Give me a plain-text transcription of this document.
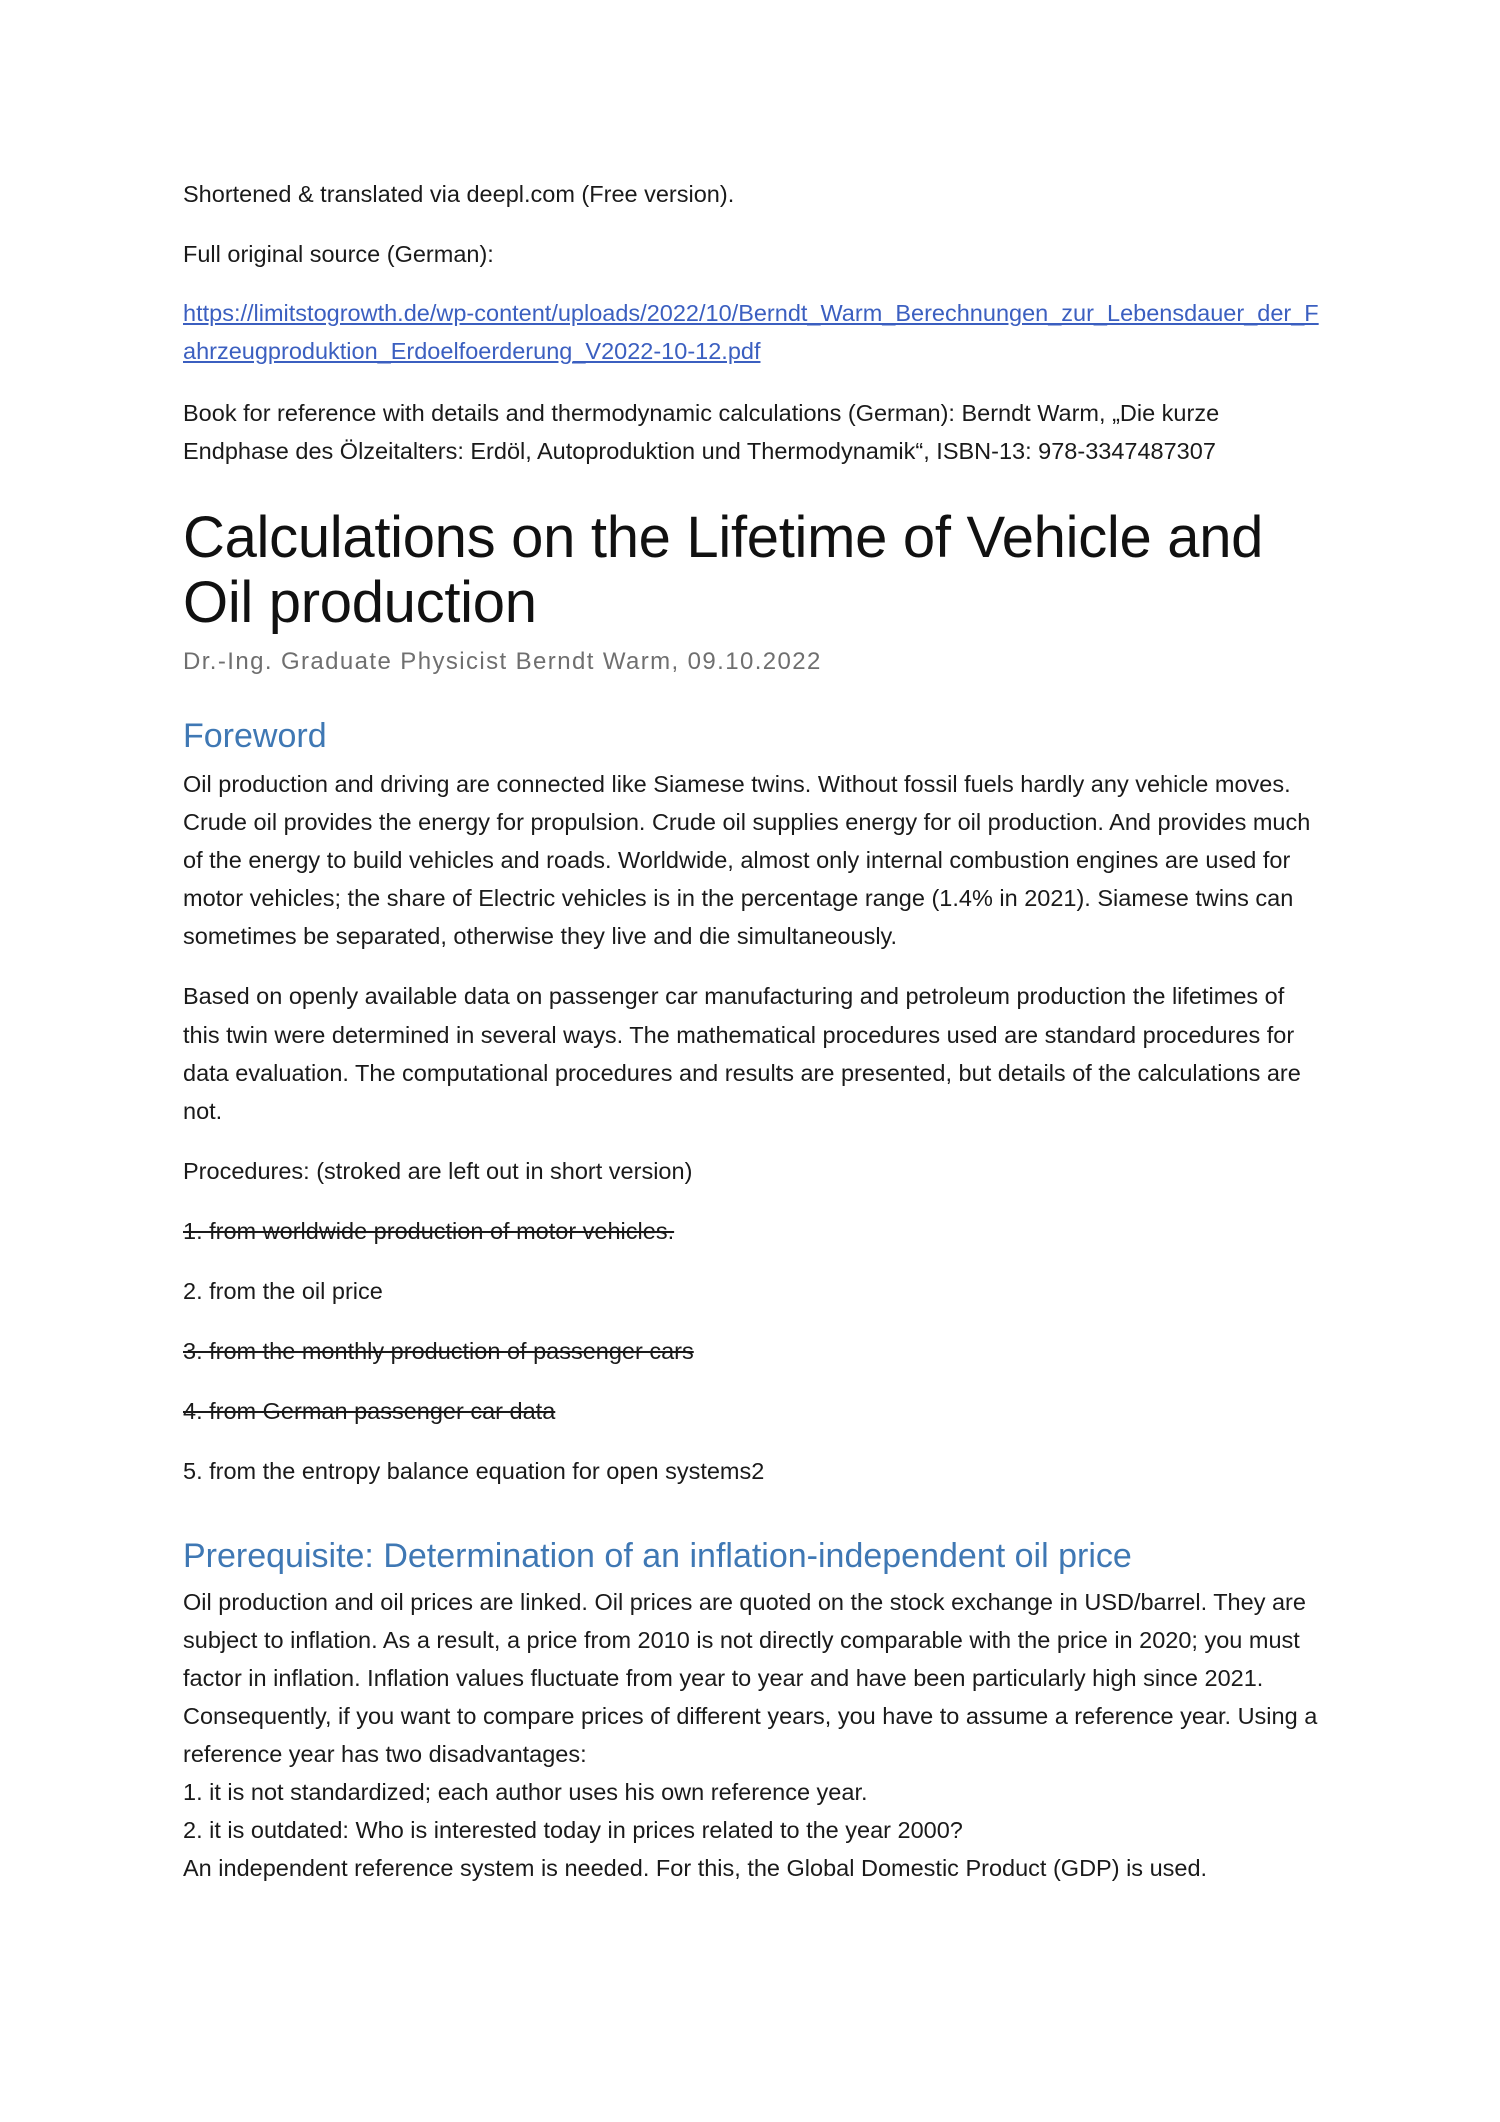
Shortened & translated via deepl.com (Free version).

Full original source (German):

https://limitstogrowth.de/wp-content/uploads/2022/10/Berndt_Warm_Berechnungen_zur_Lebensdauer_der_Fahrzeugproduktion_Erdoelfoerderung_V2022-10-12.pdf

Book for reference with details and thermodynamic calculations (German): Berndt Warm, „Die kurze Endphase des Ölzeitalters: Erdöl, Autoproduktion und Thermodynamik“, ISBN-13: 978-3347487307

Calculations on the Lifetime of Vehicle and Oil production

Dr.-Ing. Graduate Physicist Berndt Warm, 09.10.2022

Foreword

Oil production and driving are connected like Siamese twins. Without fossil fuels hardly any vehicle moves. Crude oil provides the energy for propulsion. Crude oil supplies energy for oil production. And provides much of the energy to build vehicles and roads. Worldwide, almost only internal combustion engines are used for motor vehicles; the share of Electric vehicles is in the percentage range (1.4% in 2021). Siamese twins can sometimes be separated, otherwise they live and die simultaneously.

Based on openly available data on passenger car manufacturing and petroleum production the lifetimes of this twin were determined in several ways. The mathematical procedures used are standard procedures for data evaluation. The computational procedures and results are presented, but details of the calculations are not.

Procedures: (stroked are left out in short version)

1. from worldwide production of motor vehicles.

2. from the oil price

3. from the monthly production of passenger cars

4. from German passenger car data

5. from the entropy balance equation for open systems2

Prerequisite: Determination of an inflation-independent oil price

Oil production and oil prices are linked. Oil prices are quoted on the stock exchange in USD/barrel. They are subject to inflation. As a result, a price from 2010 is not directly comparable with the price in 2020; you must factor in inflation. Inflation values fluctuate from year to year and have been particularly high since 2021. Consequently, if you want to compare prices of different years, you have to assume a reference year. Using a reference year has two disadvantages:

1. it is not standardized; each author uses his own reference year.
2. it is outdated: Who is interested today in prices related to the year 2000?
An independent reference system is needed. For this, the Global Domestic Product (GDP) is used.
